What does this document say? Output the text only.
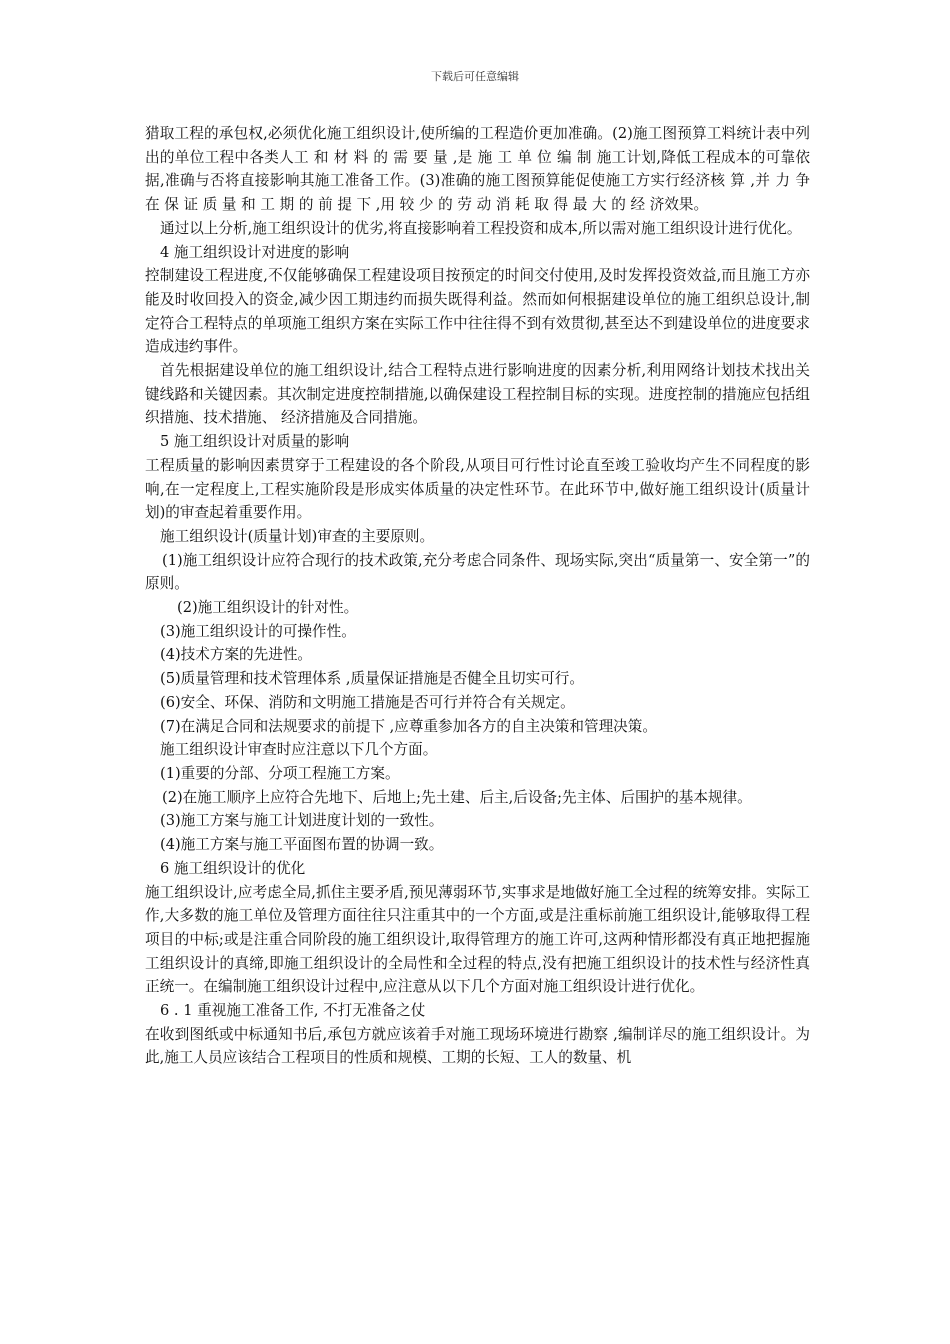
下载后可任意编辑

猎取工程的承包权,必须优化施工组织设计,使所编的工程造价更加准确。(2)施工图预算工料统计表中列出的单位工程中各类人工 和 材 料 的 需 要 量 ,是 施 工 单 位 编 制 施工计划,降低工程成本的可靠依据,准确与否将直接影响其施工准备工作。(3)准确的施工图预算能促使施工方实行经济核 算 ,并 力 争 在 保 证 质 量 和 工 期 的 前 提 下 ,用 较 少 的 劳 动 消 耗 取 得 最 大 的 经 济效果。

通过以上分析,施工组织设计的优劣,将直接影响着工程投资和成本,所以需对施工组织设计进行优化。

4 施工组织设计对进度的影响

控制建设工程进度,不仅能够确保工程建设项目按预定的时间交付使用,及时发挥投资效益,而且施工方亦能及时收回投入的资金,减少因工期违约而损失既得利益。然而如何根据建设单位的施工组织总设计,制定符合工程特点的单项施工组织方案在实际工作中往往得不到有效贯彻,甚至达不到建设单位的进度要求造成违约事件。

首先根据建设单位的施工组织设计,结合工程特点进行影响进度的因素分析,利用网络计划技术找出关键线路和关键因素。其次制定进度控制措施,以确保建设工程控制目标的实现。进度控制的措施应包括组织措施、技术措施、 经济措施及合同措施。

5 施工组织设计对质量的影响

工程质量的影响因素贯穿于工程建设的各个阶段,从项目可行性讨论直至竣工验收均产生不同程度的影响,在一定程度上,工程实施阶段是形成实体质量的决定性环节。在此环节中,做好施工组织设计(质量计划)的审查起着重要作用。

施工组织设计(质量计划)审查的主要原则。

(1)施工组织设计应符合现行的技术政策,充分考虑合同条件、现场实际,突出“质量第一、安全第一”的原则。

(2)施工组织设计的针对性。

(3)施工组织设计的可操作性。

(4)技术方案的先进性。

(5)质量管理和技术管理体系 ,质量保证措施是否健全且切实可行。

(6)安全、环保、消防和文明施工措施是否可行并符合有关规定。

(7)在满足合同和法规要求的前提下 ,应尊重参加各方的自主决策和管理决策。

施工组织设计审查时应注意以下几个方面。

(1)重要的分部、分项工程施工方案。

(2)在施工顺序上应符合先地下、后地上;先土建、后主,后设备;先主体、后围护的基本规律。

(3)施工方案与施工计划进度计划的一致性。

(4)施工方案与施工平面图布置的协调一致。

6 施工组织设计的优化

施工组织设计,应考虑全局,抓住主要矛盾,预见薄弱环节,实事求是地做好施工全过程的统筹安排。实际工作,大多数的施工单位及管理方面往往只注重其中的一个方面,或是注重标前施工组织设计,能够取得工程项目的中标;或是注重合同阶段的施工组织设计,取得管理方的施工许可,这两种情形都没有真正地把握施工组织设计的真缔,即施工组织设计的全局性和全过程的特点,没有把施工组织设计的技术性与经济性真正统一。在编制施工组织设计过程中,应注意从以下几个方面对施工组织设计进行优化。

6 . 1 重视施工准备工作, 不打无准备之仗

在收到图纸或中标通知书后,承包方就应该着手对施工现场环境进行勘察 ,编制详尽的施工组织设计。为此,施工人员应该结合工程项目的性质和规模、工期的长短、工人的数量、机
